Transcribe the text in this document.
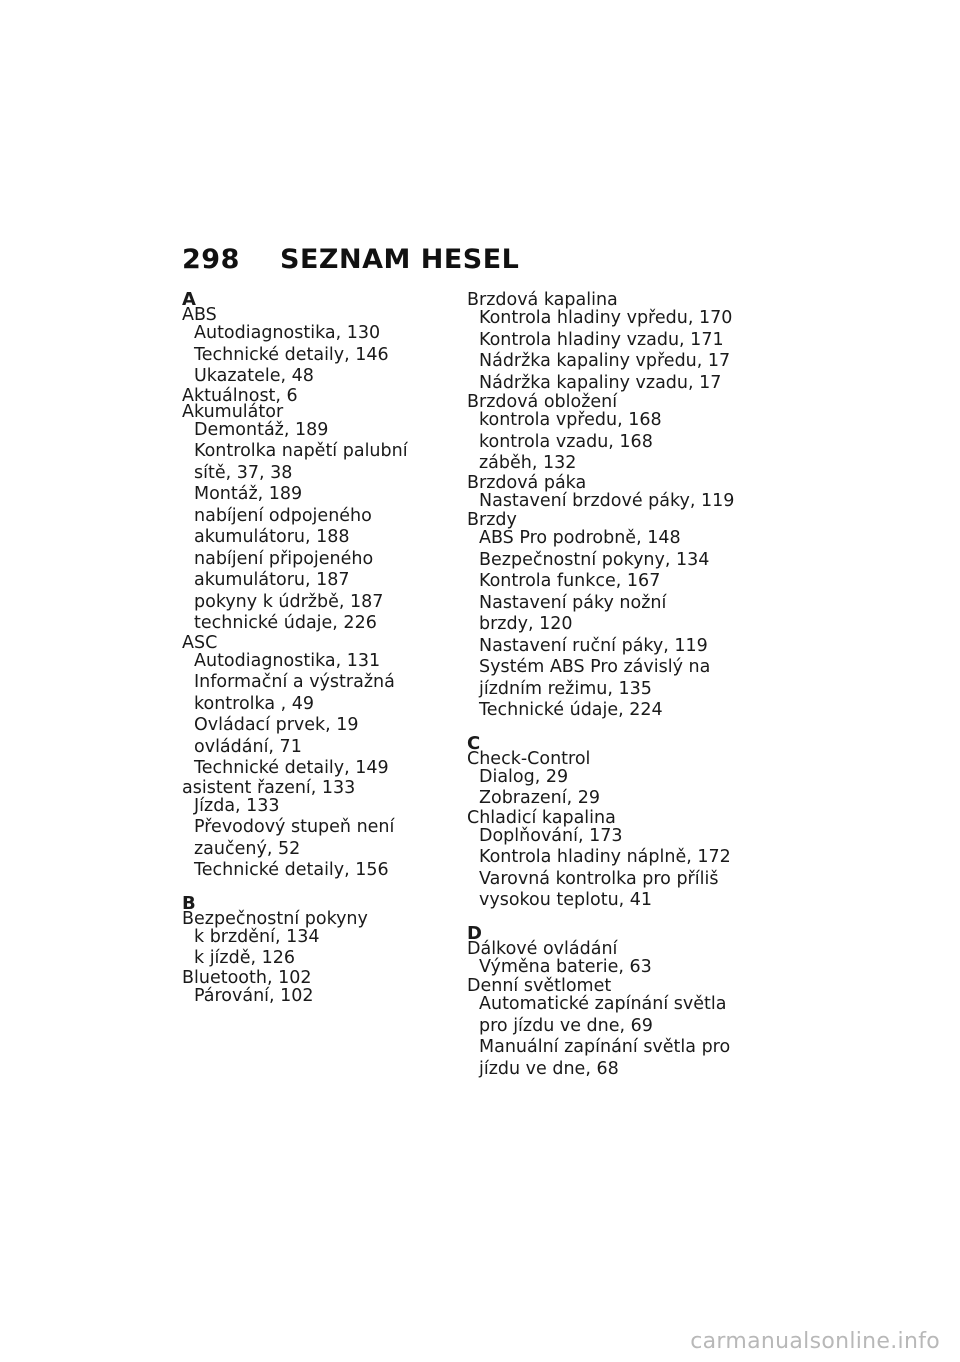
298 SEZNAM HESEL
A
ABS
Autodiagnostika, 130
Technické detaily, 146
Ukazatele, 48
Aktuálnost, 6
Akumulátor
Demontáž, 189
Kontrolka napětí palubní
sítě, 37, 38
Montáž, 189
nabíjení odpojeného
akumulátoru, 188
nabíjení připojeného
akumulátoru, 187
pokyny k údržbě, 187
technické údaje, 226
ASC
Autodiagnostika, 131
Informační a výstražná
kontrolka , 49
Ovládací prvek, 19
ovládání, 71
Technické detaily, 149
asistent řazení, 133
Jízda, 133
Převodový stupeň není
zaučený, 52
Technické detaily, 156
B
Bezpečnostní pokyny
k brzdění, 134
k jízdě, 126
Bluetooth, 102
Párování, 102
Brzdová kapalina
Kontrola hladiny vpředu, 170
Kontrola hladiny vzadu, 171
Nádržka kapaliny vpředu, 17
Nádržka kapaliny vzadu, 17
Brzdová obložení
kontrola vpředu, 168
kontrola vzadu, 168
záběh, 132
Brzdová páka
Nastavení brzdové páky, 119
Brzdy
ABS Pro podrobně, 148
Bezpečnostní pokyny, 134
Kontrola funkce, 167
Nastavení páky nožní
brzdy, 120
Nastavení ruční páky, 119
Systém ABS Pro závislý na
jízdním režimu, 135
Technické údaje, 224
C
Check-Control
Dialog, 29
Zobrazení, 29
Chladicí kapalina
Doplňování, 173
Kontrola hladiny náplně, 172
Varovná kontrolka pro příliš
vysokou teplotu, 41
D
Dálkové ovládání
Výměna baterie, 63
Denní světlomet
Automatické zapínání světla
pro jízdu ve dne, 69
Manuální zapínání světla pro
jízdu ve dne, 68
carmanualsonline.info
